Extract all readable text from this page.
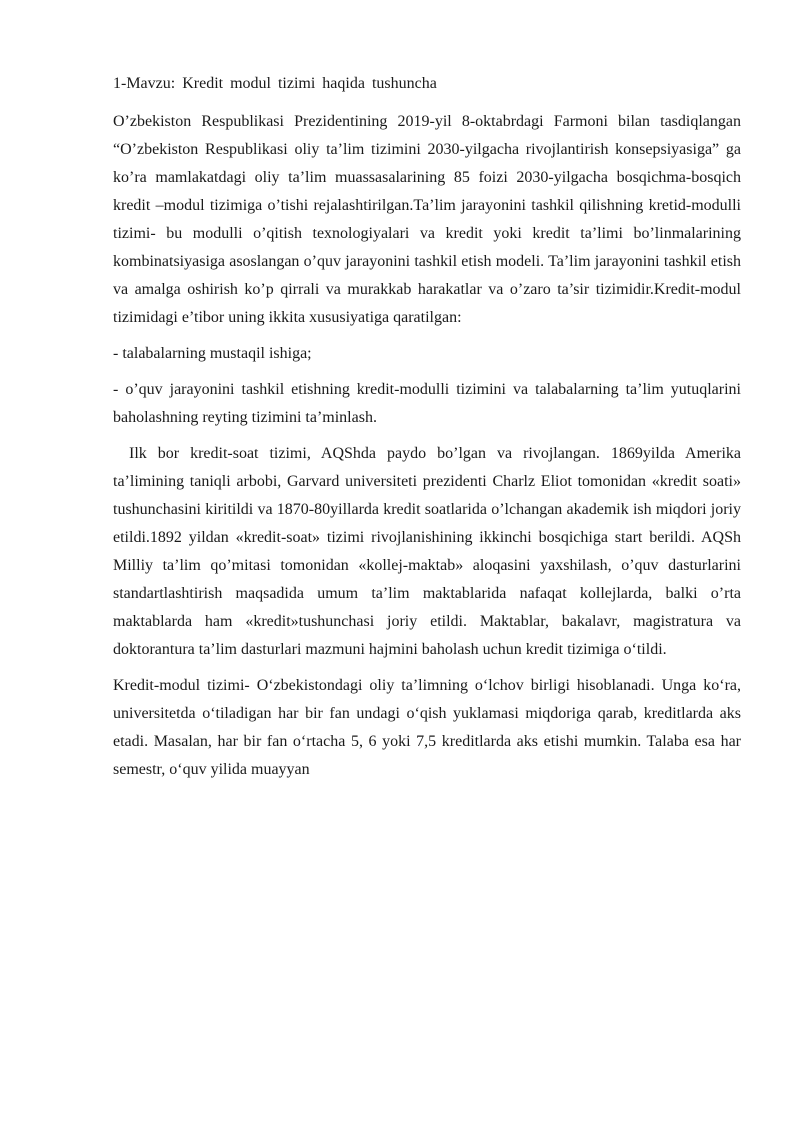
1-Mavzu: Kredit modul tizimi haqida tushuncha

O’zbekiston Respublikasi Prezidentining 2019-yil 8-oktabrdagi Farmoni bilan tasdiqlangan “O’zbekiston Respublikasi oliy ta’lim tizimini 2030-yilgacha rivojlantirish konsepsiyasiga” ga ko’ra mamlakatdagi oliy ta’lim muassasalarining 85 foizi 2030-yilgacha bosqichma-bosqich kredit –modul tizimiga o’tishi rejalashtirilgan.Ta’lim jarayonini tashkil qilishning kretid-modulli tizimi- bu modulli o’qitish texnologiyalari va kredit yoki kredit ta’limi bo’linmalarining kombinatsiyasiga asoslangan o’quv jarayonini tashkil etish modeli. Ta’lim jarayonini tashkil etish va amalga oshirish ko’p qirrali va murakkab harakatlar va o’zaro ta’sir tizimidir.Kredit-modul tizimidagi e’tibor uning ikkita xususiyatiga qaratilgan:

- talabalarning mustaqil ishiga;

- o’quv jarayonini tashkil etishning kredit-modulli tizimini va talabalarning ta’lim yutuqlarini baholashning reyting tizimini ta’minlash.

Ilk bor kredit-soat tizimi, AQShda paydo bo’lgan va rivojlangan. 1869yilda Amerika ta’limining taniqli arbobi, Garvard universiteti prezidenti Charlz Eliot tomonidan «kredit soati» tushunchasini kiritildi va 1870-80yillarda kredit soatlarida o’lchangan akademik ish miqdori joriy etildi.1892 yildan «kredit-soat» tizimi rivojlanishining ikkinchi bosqichiga start berildi. AQSh Milliy ta’lim qo’mitasi tomonidan «kollej-maktab» aloqasini yaxshilash, o’quv dasturlarini standartlashtirish maqsadida umum ta’lim maktablarida nafaqat kollejlarda, balki o’rta maktablarda ham «kredit»tushunchasi joriy etildi. Maktablar, bakalavr, magistratura va doktorantura ta’lim dasturlari mazmuni hajmini baholash uchun kredit tizimiga o‘tildi.

Kredit-modul tizimi- O‘zbekistondagi oliy ta’limning o‘lchov birligi hisoblanadi. Unga ko‘ra, universitetda o‘tiladigan har bir fan undagi o‘qish yuklamasi miqdoriga qarab, kreditlarda aks etadi. Masalan, har bir fan o‘rtacha 5, 6 yoki 7,5 kreditlarda aks etishi mumkin. Talaba esa har semestr, o‘quv yilida muayyan
